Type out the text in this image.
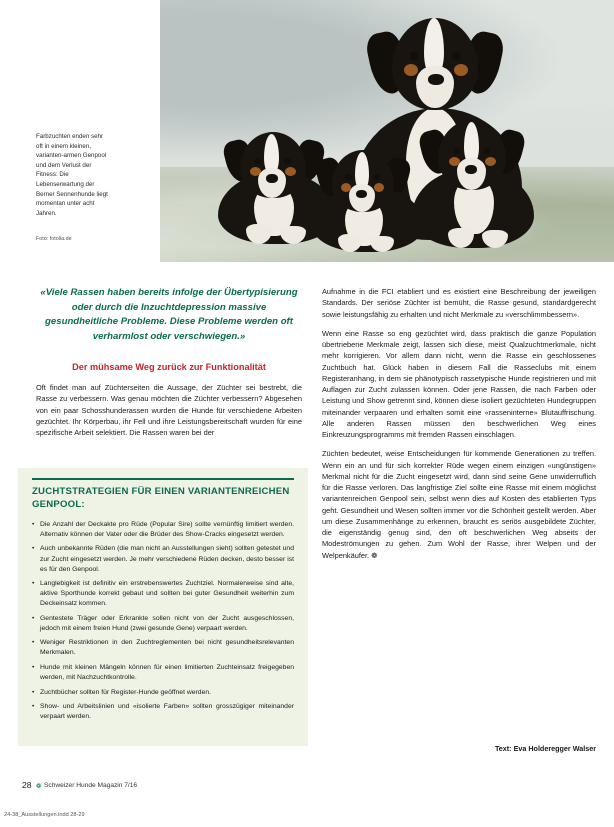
Farbzuchten enden sehr oft in einem kleinen, varianten-armen Genpool und dem Verlust der Fitness: Die Lebenserwartung der Berner Sennenhunde liegt momentan unter acht Jahren.
Foto: fotolia.de
«Viele Rassen haben bereits infolge der Übertypisierung oder durch die Inzuchtdepression massive gesundheitliche Probleme. Diese Probleme werden oft verharmlost oder verschwiegen.»
Der mühsame Weg zurück zur Funktionalität

Oft findet man auf Züchterseiten die Aussage, der Züchter sei bestrebt, die Rasse zu verbessern. Was genau möchten die Züchter verbessern? Abgesehen von ein paar Schosshunderassen wurden die Hunde für verschiedene Arbeiten gezüchtet. Ihr Körperbau, ihr Fell und ihre Leistungsbereitschaft wurden für eine spezifische Arbeit selektiert. Die Rassen waren bei der

ZUCHTSTRATEGIEN FÜR EINEN VARIANTENREICHEN GENPOOL:
• Die Anzahl der Deckakte pro Rüde (Popular Sire) sollte vernünftig limitiert werden. Alternativ können der Vater oder die Brüder des Show-Cracks eingesetzt werden.
• Auch unbekannte Rüden (die man nicht an Ausstellungen sieht) sollten getestet und zur Zucht eingesetzt werden. Je mehr verschiedene Rüden decken, desto besser ist es für den Genpool.
• Langlebigkeit ist definitiv ein erstrebenswertes Zuchtziel. Normalerweise sind alte, aktive Sporthunde korrekt gebaut und sollten bei guter Gesundheit weiterhin zum Deckeinsatz kommen.
• Gentestete Träger oder Erkrankte sollen nicht von der Zucht ausgeschlossen, jedoch mit einem freien Hund (zwei gesunde Gene) verpaart werden.
• Weniger Restriktionen in den Zuchtreglementen bei nicht gesundheitsrelevanten Merkmalen.
• Hunde mit kleinen Mängeln können für einen limitierten Zuchteinsatz freigegeben werden, mit Nachzuchtkontrolle.
• Zuchtbücher sollten für Register-Hunde geöffnet werden.
• Show- und Arbeitslinien und «isolierte Farben» sollten grosszügiger miteinander verpaart werden.

Aufnahme in die FCI etabliert und es existiert eine Beschreibung der jeweiligen Standards. Der seriöse Züchter ist bemüht, die Rasse gesund, standardgerecht sowie leistungsfähig zu erhalten und nicht Merkmale zu «verschlimmbessern».

Wenn eine Rasse so eng gezüchtet wird, dass praktisch die ganze Population übertriebene Merkmale zeigt, lassen sich diese, meist Qualzuchtmerkmale, nicht mehr korrigieren. Vor allem dann nicht, wenn die Rasse ein geschlossenes Zuchtbuch hat. Glück haben in diesem Fall die Rasseclubs mit einem Registeranhang, in dem sie phänotypisch rassetypische Hunde registrieren und mit Auflagen zur Zucht zulassen können. Oder jene Rassen, die nach Farben oder Leistung und Show getrennt sind, können diese isoliert gezüchteten Hundegruppen miteinander verpaaren und erhalten somit eine «rasseninterne» Blutauffrischung. Alle anderen Rassen müssen den beschwerlichen Weg eines Einkreuzungsprogramms mit fremden Rassen einschlagen.

Züchten bedeutet, weise Entscheidungen für kommende Generationen zu treffen. Wenn ein an und für sich korrekter Rüde wegen einem einzigen «ungünstigen» Merkmal nicht für die Zucht eingesetzt wird, dann sind seine Gene unwiderruflich für die Rasse verloren. Das langfristige Ziel sollte eine Rasse mit einem möglichst variantenreichen Genpool sein, selbst wenn dies auf Kosten des etablierten Typs geht. Gesundheit und Wesen sollten immer vor die Schönheit gestellt werden. Aber um diese Zusammenhänge zu erkennen, braucht es seriös ausgebildete Züchter, die eigenständig genug sind, den oft beschwerlichen Weg abseits der Modeströmungen zu gehen. Zum Wohl der Rasse, ihrer Welpen und der Welpenkäufer. ❁

Text: Eva Holderegger Walser
28 ❁ Schweizer Hunde Magazin 7/16
24-38_Ausstellungen.indd 28-29
